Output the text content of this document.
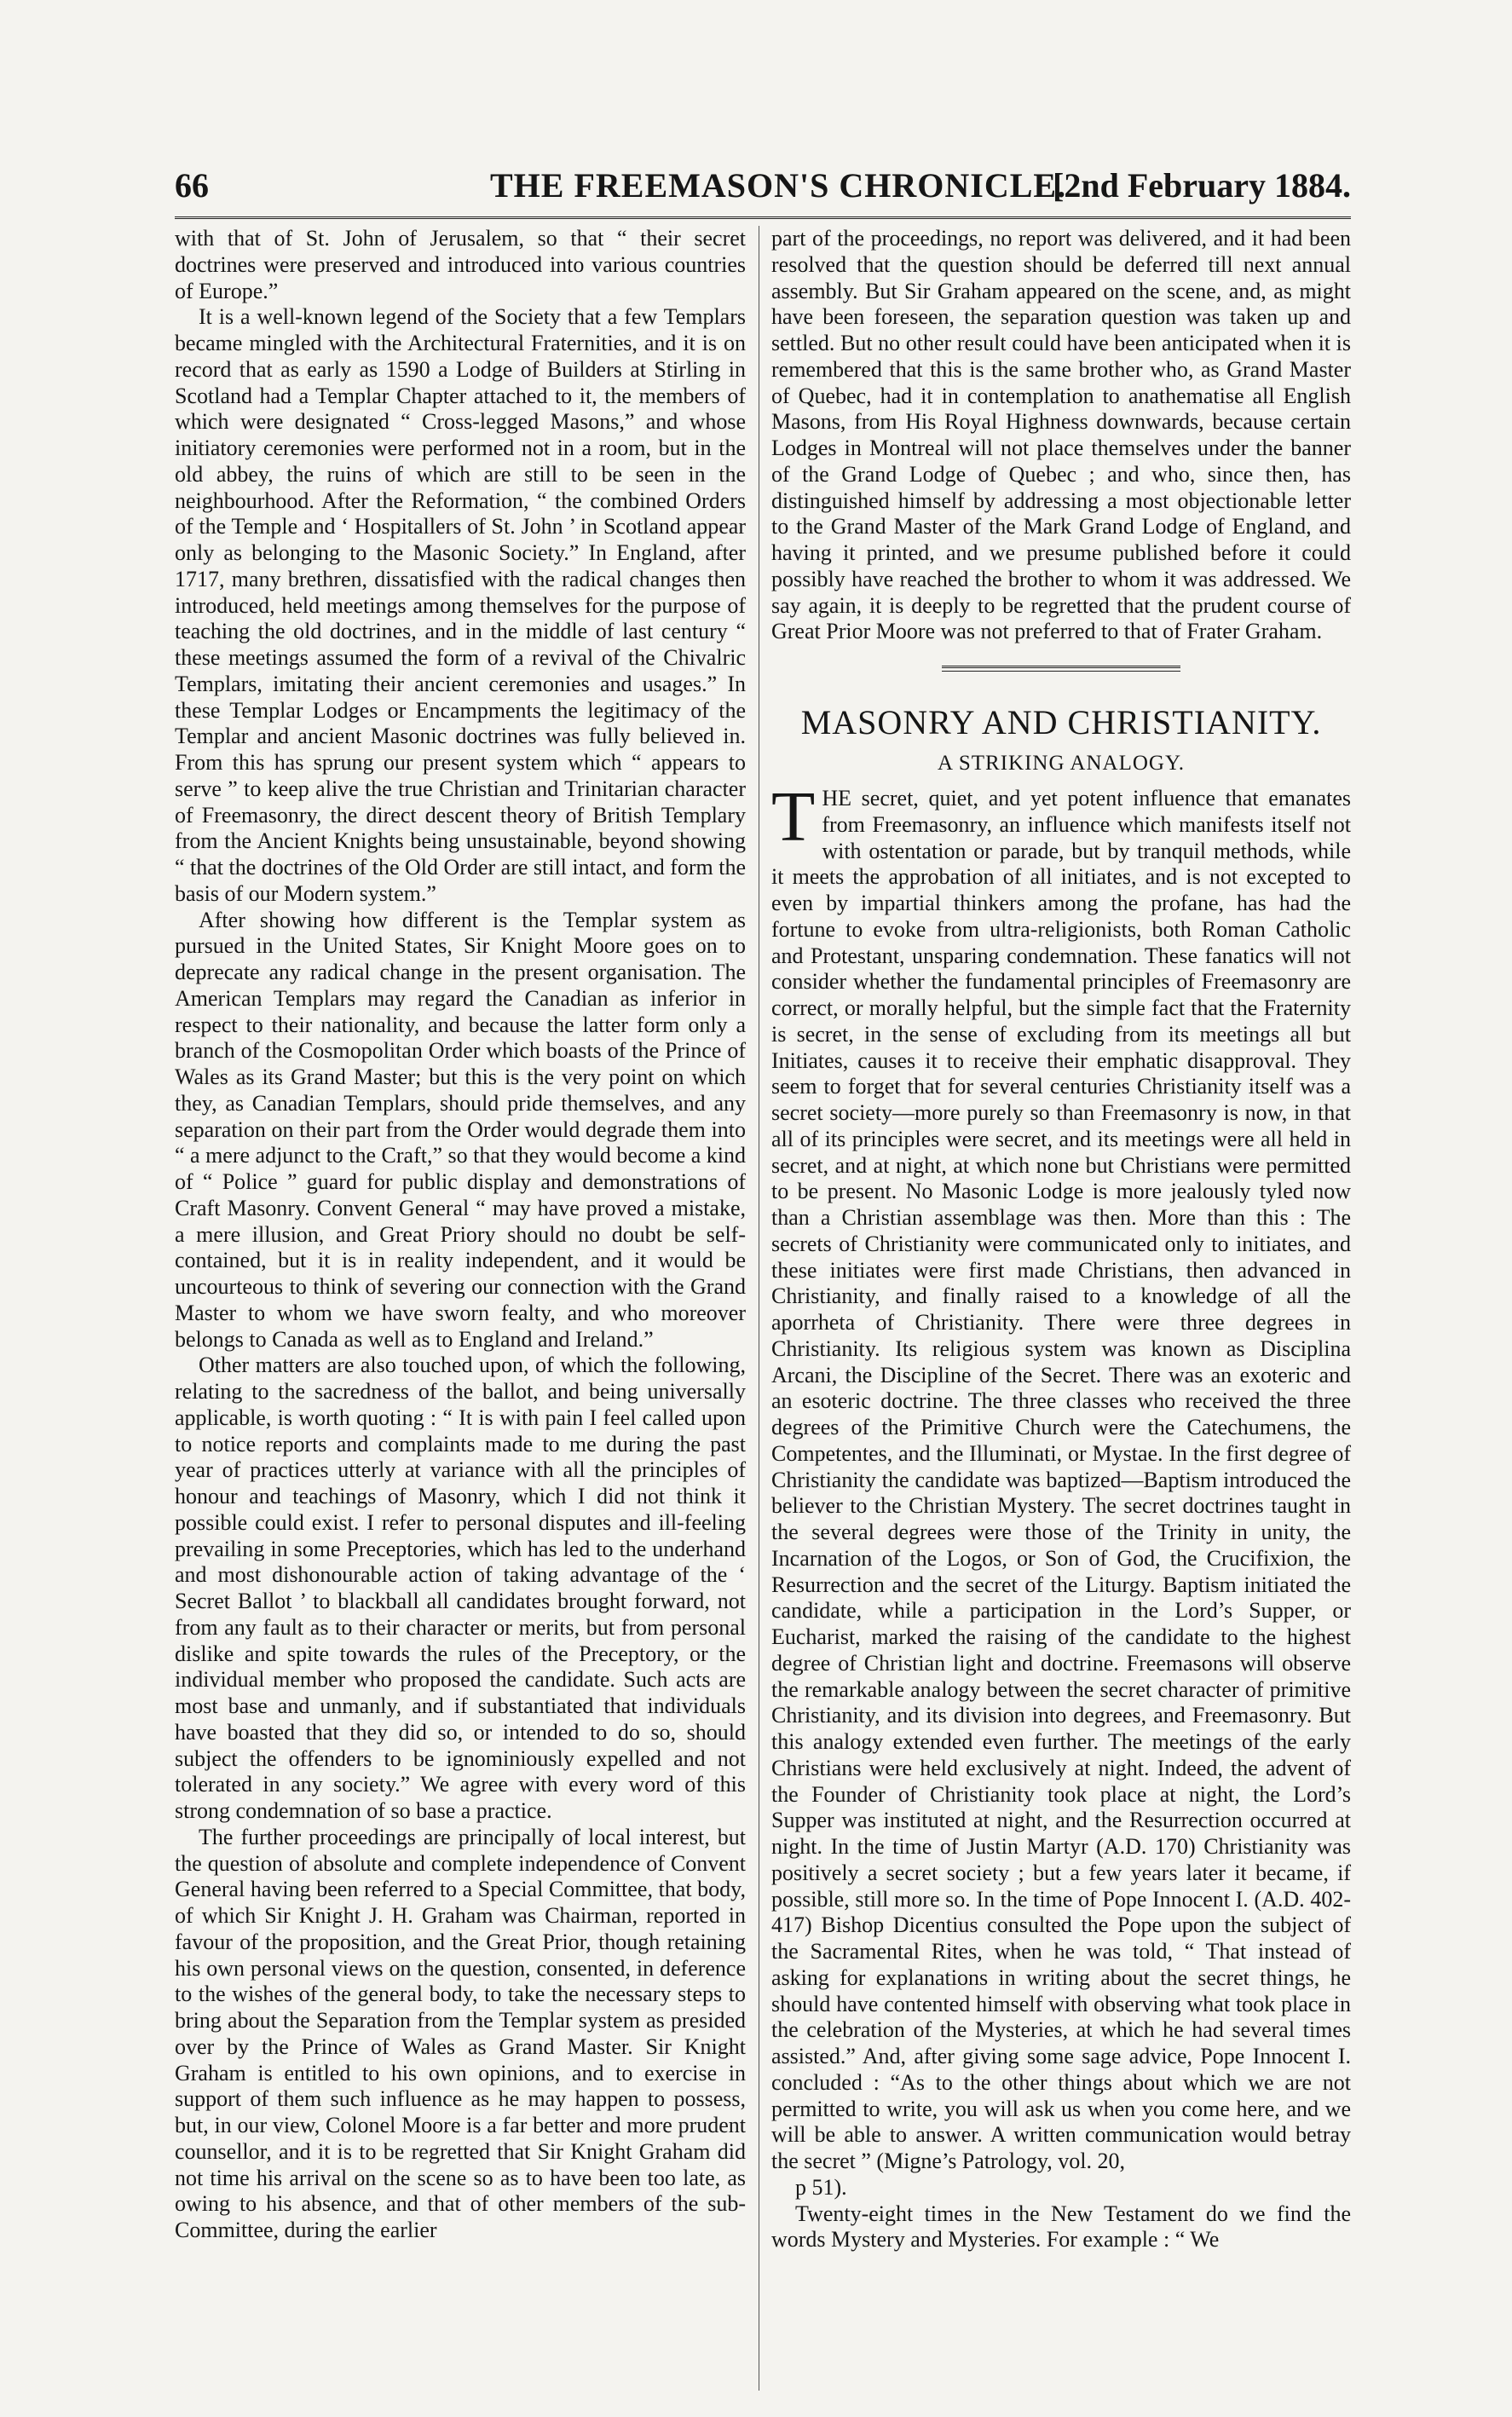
66	THE FREEMASON'S CHRONICLE.
[2nd February 1884.

with that of St. John of Jerusalem, so that “ their secret doctrines were preserved and introduced into various countries of Europe.”

It is a well-known legend of the Society that a few Templars became mingled with the Architectural Fraternities, and it is on record that as early as 1590 a Lodge of Builders at Stirling in Scotland had a Templar Chapter attached to it, the members of which were designated “ Cross-legged Masons,” and whose initiatory ceremonies were performed not in a room, but in the old abbey, the ruins of which are still to be seen in the neighbourhood. After the Reformation, “ the combined Orders of the Temple and ‘ Hospitallers of St. John ’ in Scotland appear only as belonging to the Masonic Society.” In England, after 1717, many brethren, dissatisfied with the radical changes then introduced, held meetings among themselves for the purpose of teaching the old doctrines, and in the middle of last century “ these meetings assumed the form of a revival of the Chivalric Templars, imitating their ancient ceremonies and usages.” In these Templar Lodges or Encampments the legitimacy of the Templar and ancient Masonic doctrines was fully believed in. From this has sprung our present system which “ appears to serve ” to keep alive the true Christian and Trinitarian character of Freemasonry, the direct descent theory of British Templary from the Ancient Knights being unsustainable, beyond showing “ that the doctrines of the Old Order are still intact, and form the basis of our Modern system.”

After showing how different is the Templar system as pursued in the United States, Sir Knight Moore goes on to deprecate any radical change in the present organisation. The American Templars may regard the Canadian as inferior in respect to their nationality, and because the latter form only a branch of the Cosmopolitan Order which boasts of the Prince of Wales as its Grand Master; but this is the very point on which they, as Canadian Templars, should pride themselves, and any separation on their part from the Order would degrade them into “ a mere adjunct to the Craft,” so that they would become a kind of “ Police ” guard for public display and demonstrations of Craft Masonry. Convent General “ may have proved a mistake, a mere illusion, and Great Priory should no doubt be self-contained, but it is in reality independent, and it would be uncourteous to think of severing our connection with the Grand Master to whom we have sworn fealty, and who moreover belongs to Canada as well as to England and Ireland.”

Other matters are also touched upon, of which the following, relating to the sacredness of the ballot, and being universally applicable, is worth quoting : “ It is with pain I feel called upon to notice reports and complaints made to me during the past year of practices utterly at variance with all the principles of honour and teachings of Masonry, which I did not think it possible could exist. I refer to personal disputes and ill-feeling prevailing in some Preceptories, which has led to the underhand and most dishonourable action of taking advantage of the ‘ Secret Ballot ’ to blackball all candidates brought forward, not from any fault as to their character or merits, but from personal dislike and spite towards the rules of the Preceptory, or the individual member who proposed the candidate. Such acts are most base and unmanly, and if substantiated that individuals have boasted that they did so, or intended to do so, should subject the offenders to be ignominiously expelled and not tolerated in any society.” We agree with every word of this strong condemnation of so base a practice.

The further proceedings are principally of local interest, but the question of absolute and complete independence of Convent General having been referred to a Special Committee, that body, of which Sir Knight J. H. Graham was Chairman, reported in favour of the proposition, and the Great Prior, though retaining his own personal views on the question, consented, in deference to the wishes of the general body, to take the necessary steps to bring about the Separation from the Templar system as presided over by the Prince of Wales as Grand Master. Sir Knight Graham is entitled to his own opinions, and to exercise in support of them such influence as he may happen to possess, but, in our view, Colonel Moore is a far better and more prudent counsellor, and it is to be regretted that Sir Knight Graham did not time his arrival on the scene so as to have been too late, as owing to his absence, and that of other members of the sub-Committee, during the earlier

part of the proceedings, no report was delivered, and it had been resolved that the question should be deferred till next annual assembly. But Sir Graham appeared on the scene, and, as might have been foreseen, the separation question was taken up and settled. But no other result could have been anticipated when it is remembered that this is the same brother who, as Grand Master of Quebec, had it in contemplation to anathematise all English Masons, from His Royal Highness downwards, because certain Lodges in Montreal will not place themselves under the banner of the Grand Lodge of Quebec ; and who, since then, has distinguished himself by addressing a most objectionable letter to the Grand Master of the Mark Grand Lodge of England, and having it printed, and we presume published before it could possibly have reached the brother to whom it was addressed. We say again, it is deeply to be regretted that the prudent course of Great Prior Moore was not preferred to that of Frater Graham.

MASONRY AND CHRISTIANITY.
A STRIKING ANALOGY.

THE secret, quiet, and yet potent influence that emanates from Freemasonry, an influence which manifests itself not with ostentation or parade, but by tranquil methods, while it meets the approbation of all initiates, and is not excepted to even by impartial thinkers among the profane, has had the fortune to evoke from ultra-religionists, both Roman Catholic and Protestant, unsparing condemnation. These fanatics will not consider whether the fundamental principles of Freemasonry are correct, or morally helpful, but the simple fact that the Fraternity is secret, in the sense of excluding from its meetings all but Initiates, causes it to receive their emphatic disapproval. They seem to forget that for several centuries Christianity itself was a secret society—more purely so than Freemasonry is now, in that all of its principles were secret, and its meetings were all held in secret, and at night, at which none but Christians were permitted to be present. No Masonic Lodge is more jealously tyled now than a Christian assemblage was then. More than this : The secrets of Christianity were communicated only to initiates, and these initiates were first made Christians, then advanced in Christianity, and finally raised to a knowledge of all the aporrheta of Christianity. There were three degrees in Christianity. Its religious system was known as Disciplina Arcani, the Discipline of the Secret. There was an exoteric and an esoteric doctrine. The three classes who received the three degrees of the Primitive Church were the Catechumens, the Competentes, and the Illuminati, or Mystae. In the first degree of Christianity the candidate was baptized—Baptism introduced the believer to the Christian Mystery. The secret doctrines taught in the several degrees were those of the Trinity in unity, the Incarnation of the Logos, or Son of God, the Crucifixion, the Resurrection and the secret of the Liturgy. Baptism initiated the candidate, while a participation in the Lord’s Supper, or Eucharist, marked the raising of the candidate to the highest degree of Christian light and doctrine. Freemasons will observe the remarkable analogy between the secret character of primitive Christianity, and its division into degrees, and Freemasonry. But this analogy extended even further. The meetings of the early Christians were held exclusively at night. Indeed, the advent of the Founder of Christianity took place at night, the Lord’s Supper was instituted at night, and the Resurrection occurred at night. In the time of Justin Martyr (A.D. 170) Christianity was positively a secret society ; but a few years later it became, if possible, still more so. In the time of Pope Innocent I. (A.D. 402-417) Bishop Dicentius consulted the Pope upon the subject of the Sacramental Rites, when he was told, “ That instead of asking for explanations in writing about the secret things, he should have contented himself with observing what took place in the celebration of the Mysteries, at which he had several times assisted.” And, after giving some sage advice, Pope Innocent I. concluded : “As to the other things about which we are not permitted to write, you will ask us when you come here, and we will be able to answer. A written communication would betray the secret ” (Migne’s Patrology, vol. 20,

p 51).

Twenty-eight times in the New Testament do we find the words Mystery and Mysteries. For example : “ We
